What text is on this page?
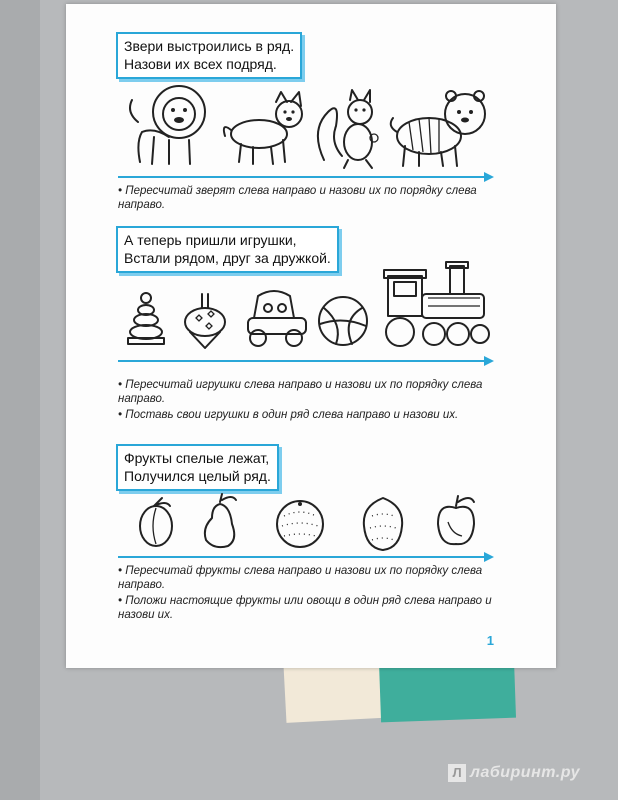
Звери выстроились в ряд.
Назови их всех подряд.

• Пересчитай зверят слева направо и назови их по порядку слева направо.

А теперь пришли игрушки,
Встали рядом, друг за дружкой.

• Пересчитай игрушки слева направо и назови их по порядку слева направо.

• Поставь свои игрушки в один ряд слева направо и назови их.

Фрукты спелые лежат,
Получился целый ряд.

• Пересчитай фрукты слева направо и назови их по порядку слева направо.

• Положи настоящие фрукты или овощи в один ряд слева направо и назови их.

1
Л лабиринт.ру
